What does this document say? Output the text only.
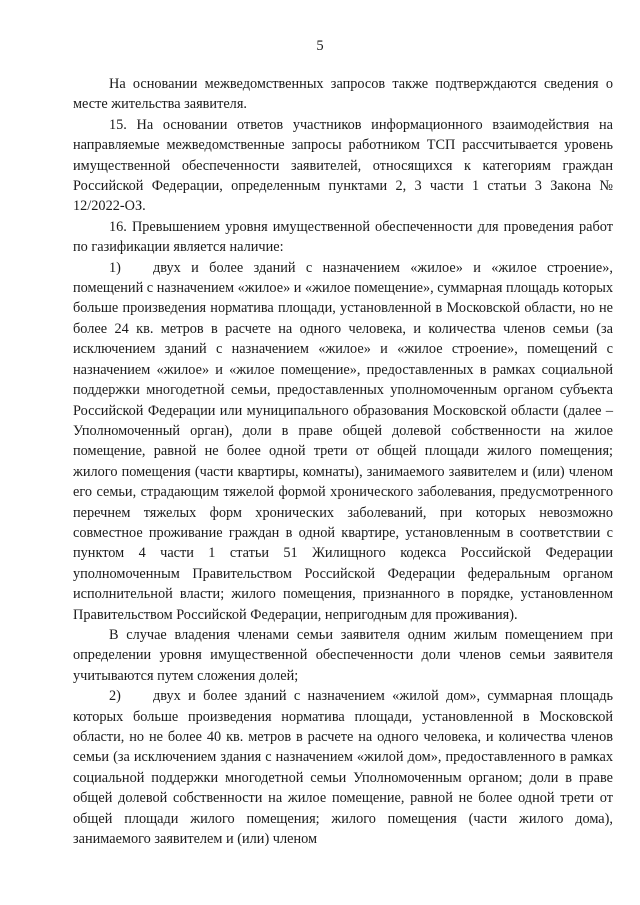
5

На основании межведомственных запросов также подтверждаются сведения о месте жительства заявителя.

15. На основании ответов участников информационного взаимодействия на направляемые межведомственные запросы работником ТСП рассчитывается уровень имущественной обеспеченности заявителей, относящихся к категориям граждан Российской Федерации, определенным пунктами 2, 3 части 1 статьи 3 Закона № 12/2022-ОЗ.

16. Превышением уровня имущественной обеспеченности для проведения работ по газификации является наличие:

1) двух и более зданий с назначением «жилое» и «жилое строение», помещений с назначением «жилое» и «жилое помещение», суммарная площадь которых больше произведения норматива площади, установленной в Московской области, но не более 24 кв. метров в расчете на одного человека, и количества членов семьи (за исключением зданий с назначением «жилое» и «жилое строение», помещений с назначением «жилое» и «жилое помещение», предоставленных в рамках социальной поддержки многодетной семьи, предоставленных уполномоченным органом субъекта Российской Федерации или муниципального образования Московской области (далее – Уполномоченный орган), доли в праве общей долевой собственности на жилое помещение, равной не более одной трети от общей площади жилого помещения; жилого помещения (части квартиры, комнаты), занимаемого заявителем и (или) членом его семьи, страдающим тяжелой формой хронического заболевания, предусмотренного перечнем тяжелых форм хронических заболеваний, при которых невозможно совместное проживание граждан в одной квартире, установленным в соответствии с пунктом 4 части 1 статьи 51 Жилищного кодекса Российской Федерации уполномоченным Правительством Российской Федерации федеральным органом исполнительной власти; жилого помещения, признанного в порядке, установленном Правительством Российской Федерации, непригодным для проживания).

В случае владения членами семьи заявителя одним жилым помещением при определении уровня имущественной обеспеченности доли членов семьи заявителя учитываются путем сложения долей;

2) двух и более зданий с назначением «жилой дом», суммарная площадь которых больше произведения норматива площади, установленной в Московской области, но не более 40 кв. метров в расчете на одного человека, и количества членов семьи (за исключением здания с назначением «жилой дом», предоставленного в рамках социальной поддержки многодетной семьи Уполномоченным органом; доли в праве общей долевой собственности на жилое помещение, равной не более одной трети от общей площади жилого помещения; жилого помещения (части жилого дома), занимаемого заявителем и (или) членом
